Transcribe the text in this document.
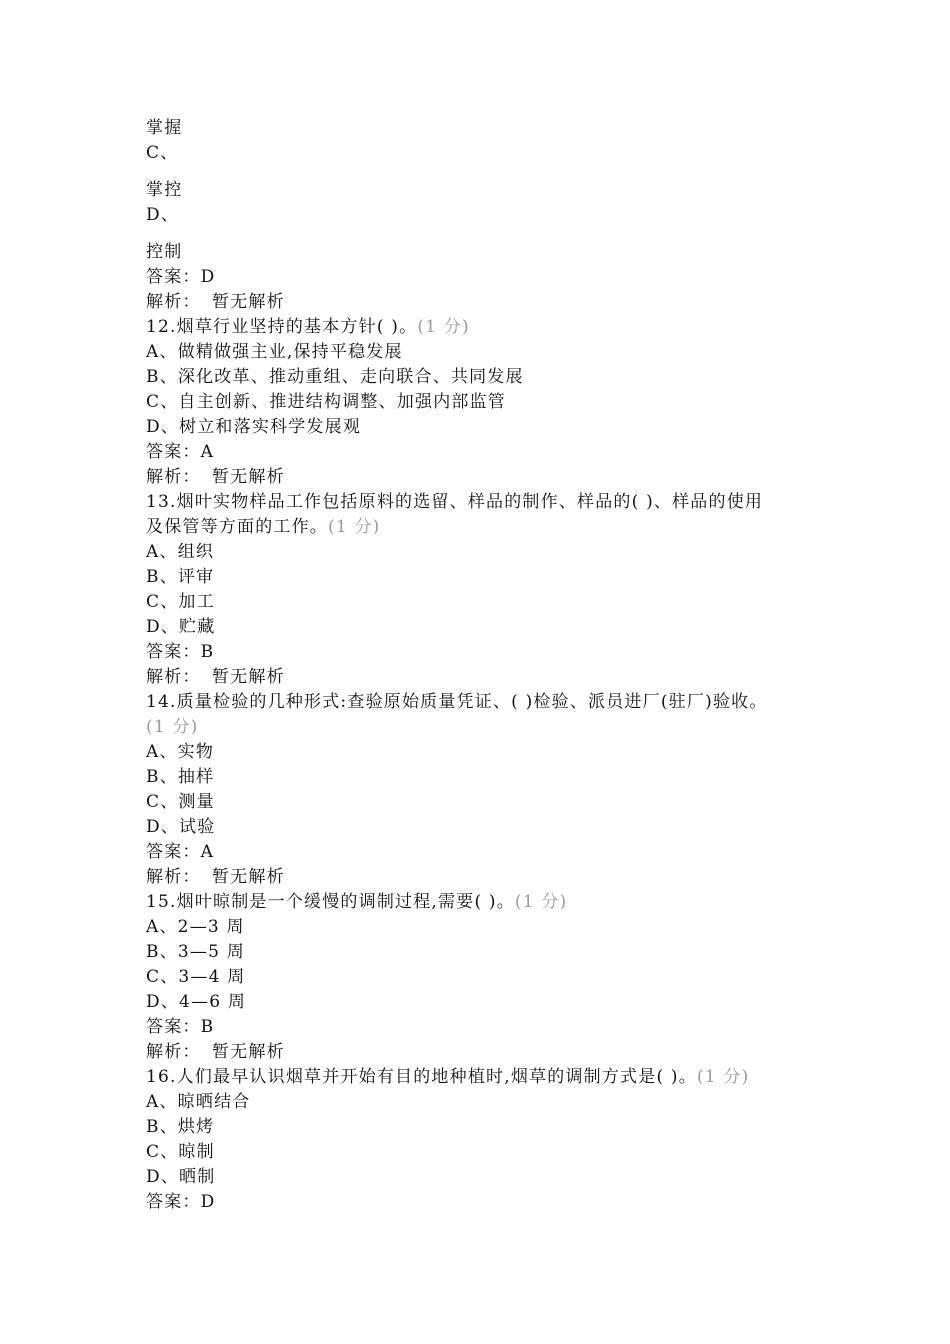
掌握
C、
掌控
D、
控制
答案：D
解析： 暂无解析
12.烟草行业坚持的基本方针( )。(1 分)
A、做精做强主业,保持平稳发展
B、深化改革、推动重组、走向联合、共同发展
C、自主创新、推进结构调整、加强内部监管
D、树立和落实科学发展观
答案：A
解析： 暂无解析
13.烟叶实物样品工作包括原料的选留、样品的制作、样品的( )、样品的使用
及保管等方面的工作。(1 分)
A、组织
B、评审
C、加工
D、贮藏
答案：B
解析： 暂无解析
14.质量检验的几种形式:查验原始质量凭证、( )检验、派员进厂(驻厂)验收。
(1 分)
A、实物
B、抽样
C、测量
D、试验
答案：A
解析： 暂无解析
15.烟叶晾制是一个缓慢的调制过程,需要( )。(1 分)
A、2—3 周
B、3—5 周
C、3—4 周
D、4—6 周
答案：B
解析： 暂无解析
16.人们最早认识烟草并开始有目的地种植时,烟草的调制方式是( )。(1 分)
A、晾晒结合
B、烘烤
C、晾制
D、晒制
答案：D
